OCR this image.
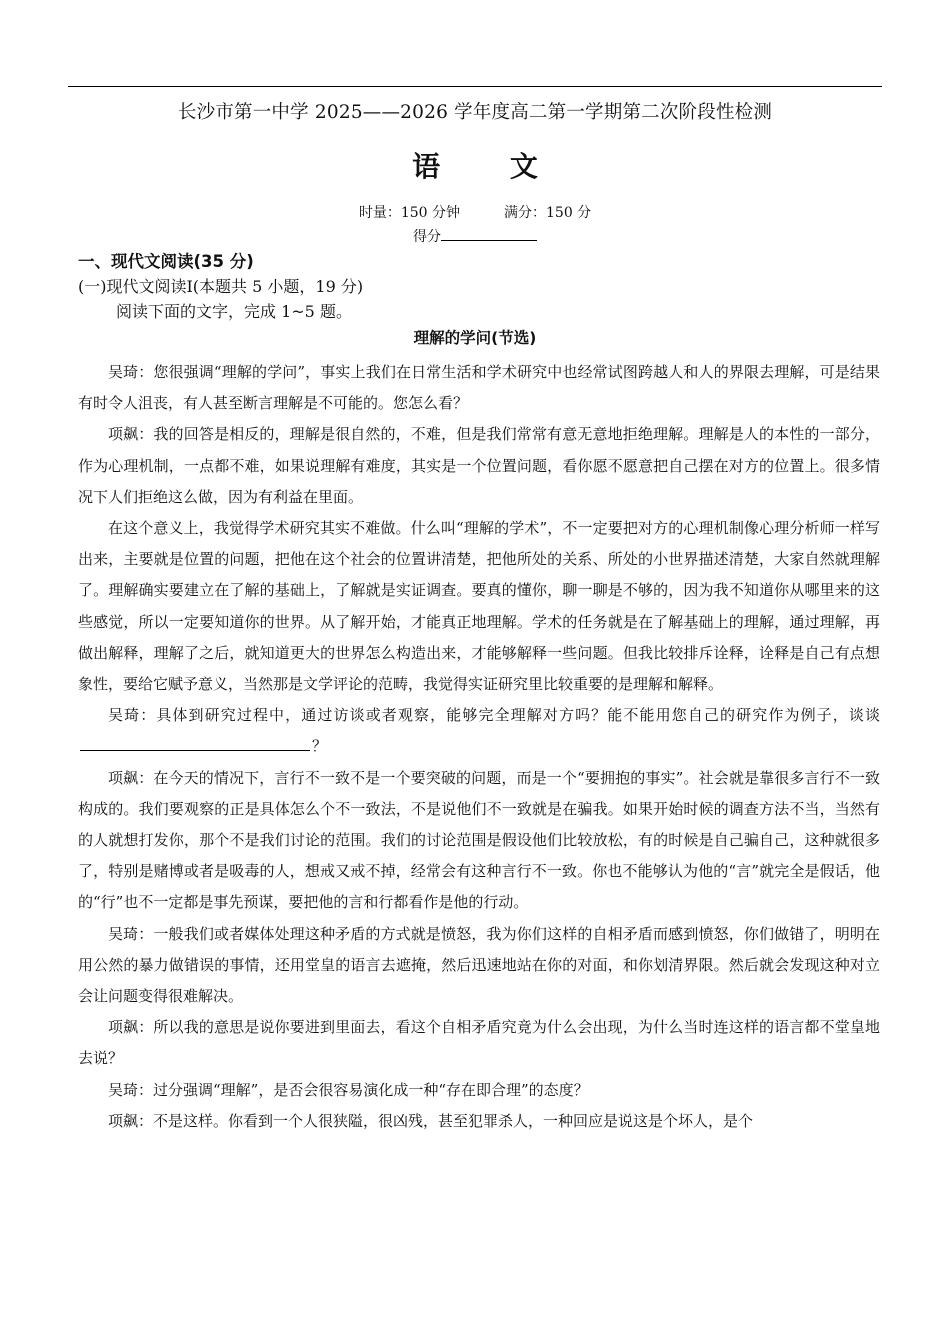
长沙市第一中学 2025——2026 学年度高二第一学期第二次阶段性检测
语 文
时量：150 分钟	满分：150 分
得分
一、现代文阅读(35 分)
(一)现代文阅读Ⅰ(本题共 5 小题，19 分)
阅读下面的文字，完成 1~5 题。
理解的学问(节选)

吴琦：您很强调“理解的学问”，事实上我们在日常生活和学术研究中也经常试图跨越人和人的界限去理解，可是结果有时令人沮丧，有人甚至断言理解是不可能的。您怎么看？

项飙：我的回答是相反的，理解是很自然的，不难，但是我们常常有意无意地拒绝理解。理解是人的本性的一部分，作为心理机制，一点都不难，如果说理解有难度，其实是一个位置问题，看你愿不愿意把自己摆在对方的位置上。很多情况下人们拒绝这么做，因为有利益在里面。

在这个意义上，我觉得学术研究其实不难做。什么叫“理解的学术”，不一定要把对方的心理机制像心理分析师一样写出来，主要就是位置的问题，把他在这个社会的位置讲清楚，把他所处的关系、所处的小世界描述清楚，大家自然就理解了。理解确实要建立在了解的基础上，了解就是实证调查。要真的懂你，聊一聊是不够的，因为我不知道你从哪里来的这些感觉，所以一定要知道你的世界。从了解开始，才能真正地理解。学术的任务就是在了解基础上的理解，通过理解，再做出解释，理解了之后，就知道更大的世界怎么构造出来，才能够解释一些问题。但我比较排斥诠释，诠释是自己有点想象性，要给它赋予意义，当然那是文学评论的范畴，我觉得实证研究里比较重要的是理解和解释。

吴琦：具体到研究过程中，通过访谈或者观察，能够完全理解对方吗？能不能用您自己的研究作为例子，谈谈？

项飙：在今天的情况下，言行不一致不是一个要突破的问题，而是一个“要拥抱的事实”。社会就是靠很多言行不一致构成的。我们要观察的正是具体怎么个不一致法，不是说他们不一致就是在骗我。如果开始时候的调查方法不当，当然有的人就想打发你，那个不是我们讨论的范围。我们的讨论范围是假设他们比较放松，有的时候是自己骗自己，这种就很多了，特别是赌博或者是吸毒的人，想戒又戒不掉，经常会有这种言行不一致。你也不能够认为他的“言”就完全是假话，他的“行”也不一定都是事先预谋，要把他的言和行都看作是他的行动。

吴琦：一般我们或者媒体处理这种矛盾的方式就是愤怒，我为你们这样的自相矛盾而感到愤怒，你们做错了，明明在用公然的暴力做错误的事情，还用堂皇的语言去遮掩，然后迅速地站在你的对面，和你划清界限。然后就会发现这种对立会让问题变得很难解决。

项飙：所以我的意思是说你要进到里面去，看这个自相矛盾究竟为什么会出现，为什么当时连这样的语言都不堂皇地去说？

吴琦：过分强调“理解”，是否会很容易演化成一种“存在即合理”的态度？

项飙：不是这样。你看到一个人很狭隘，很凶残，甚至犯罪杀人，一种回应是说这是个坏人，是个
